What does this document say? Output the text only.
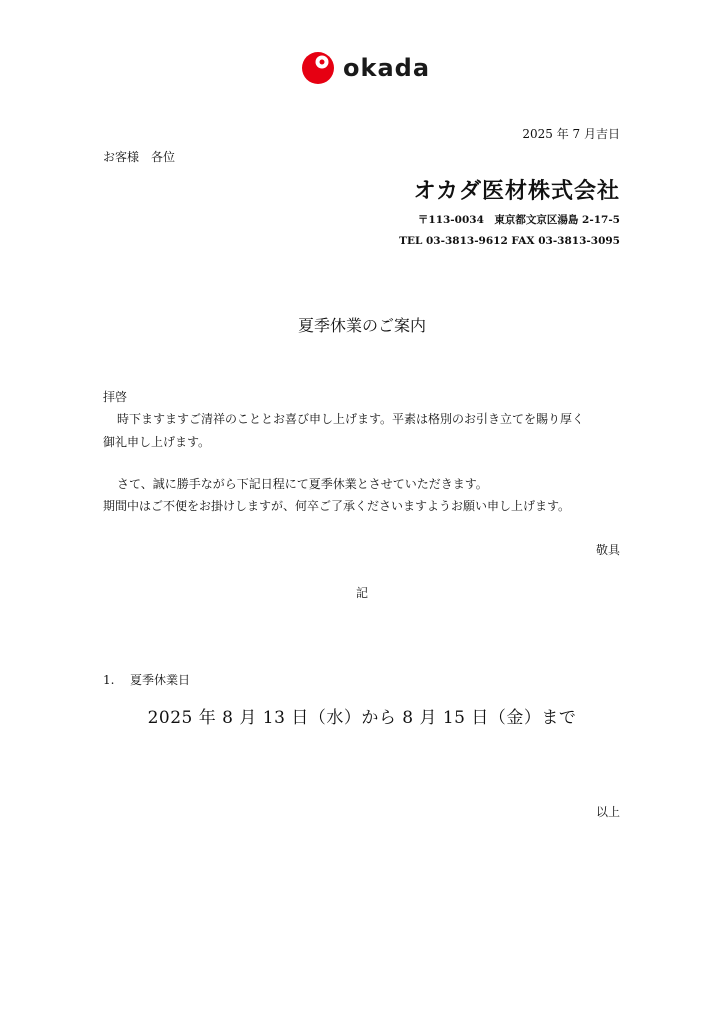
okada
2025 年 7 月吉日
お客様　各位
オカダ医材株式会社
〒113-0034　東京都文京区湯島 2-17-5
TEL 03-3813-9612 FAX 03-3813-3095
夏季休業のご案内
拝啓
時下ますますご清祥のこととお喜び申し上げます。平素は格別のお引き立てを賜り厚く
御礼申し上げます。
さて、誠に勝手ながら下記日程にて夏季休業とさせていただきます。
期間中はご不便をお掛けしますが、何卒ご了承くださいますようお願い申し上げます。
敬具
記
1. 夏季休業日
2025 年 8 月 13 日（水）から 8 月 15 日（金）まで
以上
